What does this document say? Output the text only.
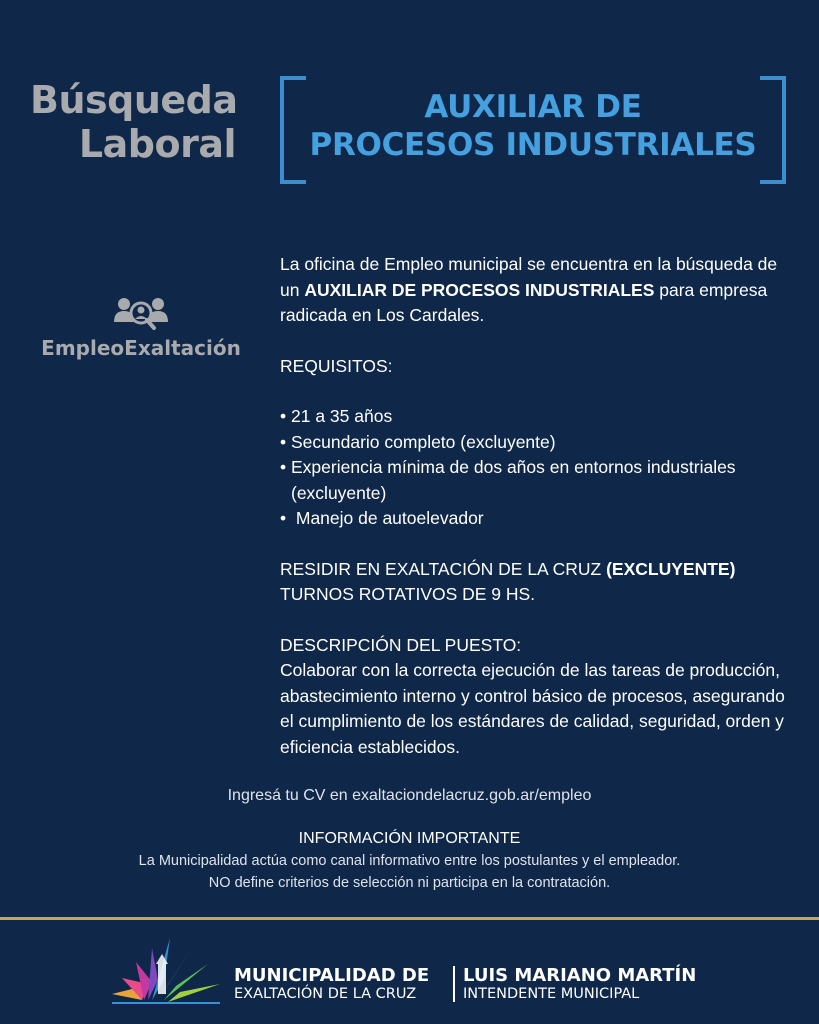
Búsqueda
Laboral
AUXILIAR DE
PROCESOS INDUSTRIALES
EmpleoExaltación

La oficina de Empleo municipal se encuentra en la búsqueda de un AUXILIAR DE PROCESOS INDUSTRIALES para empresa radicada en Los Cardales.

REQUISITOS:

• 21 a 35 años
• Secundario completo (excluyente)
• Experiencia mínima de dos años en entornos industriales (excluyente)
• Manejo de autoelevador

RESIDIR EN EXALTACIÓN DE LA CRUZ (EXCLUYENTE)

TURNOS ROTATIVOS DE 9 HS.

DESCRIPCIÓN DEL PUESTO:

Colaborar con la correcta ejecución de las tareas de producción, abastecimiento interno y control básico de procesos, asegurando el cumplimiento de los estándares de calidad, seguridad, orden y eficiencia establecidos.

Ingresá tu CV en exaltaciondelacruz.gob.ar/empleo
INFORMACIÓN IMPORTANTE
La Municipalidad actúa como canal informativo entre los postulantes y el empleador.
NO define criterios de selección ni participa en la contratación.
MUNICIPALIDAD DE
EXALTACIÓN DE LA CRUZ
LUIS MARIANO MARTÍN
INTENDENTE MUNICIPAL
